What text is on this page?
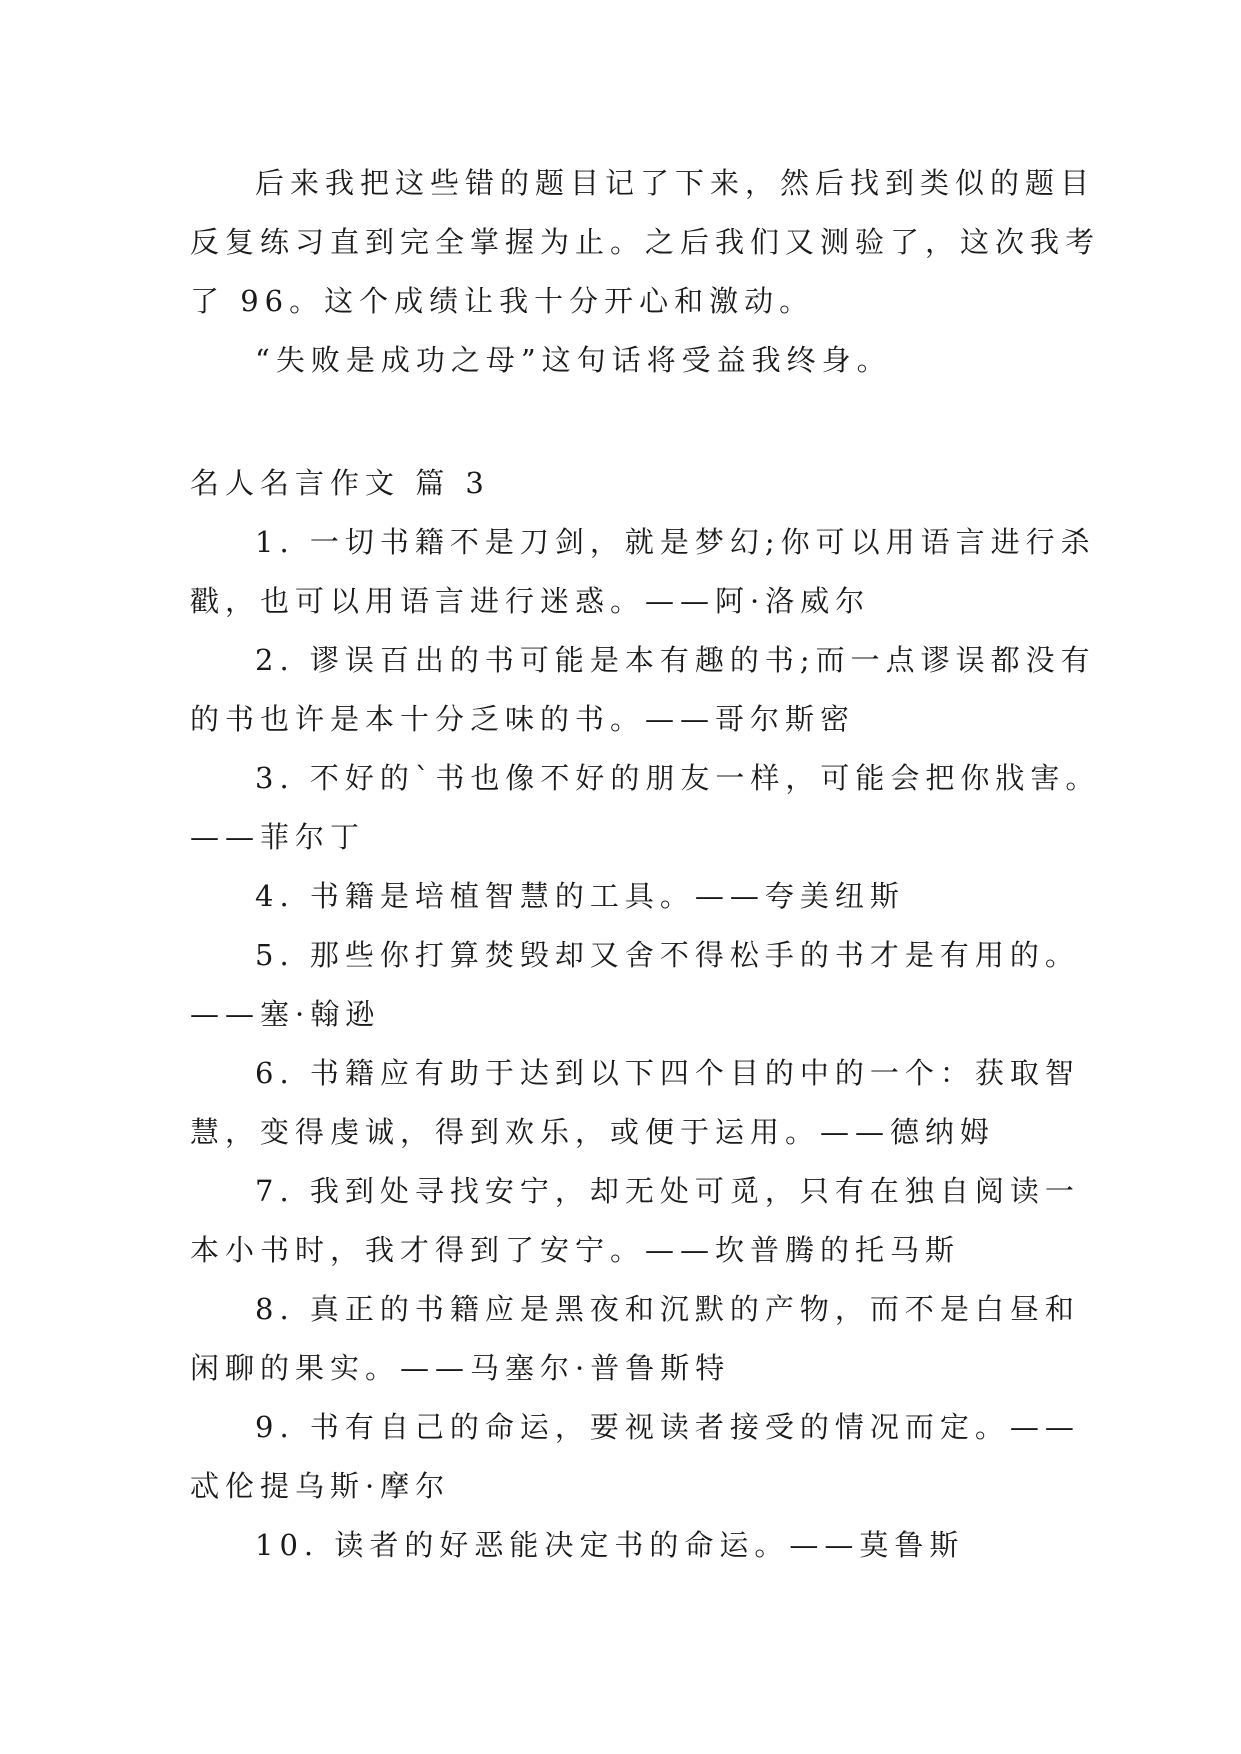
后来我把这些错的题目记了下来，然后找到类似的题目
反复练习直到完全掌握为止。之后我们又测验了，这次我考
了 96。这个成绩让我十分开心和激动。
“失败是成功之母”这句话将受益我终身。
名人名言作文 篇 3
1. 一切书籍不是刀剑，就是梦幻;你可以用语言进行杀
戳，也可以用语言进行迷惑。——阿·洛威尔
2. 谬误百出的书可能是本有趣的书;而一点谬误都没有
的书也许是本十分乏味的书。——哥尔斯密
3. 不好的`书也像不好的朋友一样，可能会把你戕害。
——菲尔丁
4. 书籍是培植智慧的工具。——夸美纽斯
5. 那些你打算焚毁却又舍不得松手的书才是有用的。
——塞·翰逊
6. 书籍应有助于达到以下四个目的中的一个：获取智
慧，变得虔诚，得到欢乐，或便于运用。——德纳姆
7. 我到处寻找安宁，却无处可觅，只有在独自阅读一
本小书时，我才得到了安宁。——坎普腾的托马斯
8. 真正的书籍应是黑夜和沉默的产物，而不是白昼和
闲聊的果实。——马塞尔·普鲁斯特
9. 书有自己的命运，要视读者接受的情况而定。——
忒伦提乌斯·摩尔
10. 读者的好恶能决定书的命运。——莫鲁斯
